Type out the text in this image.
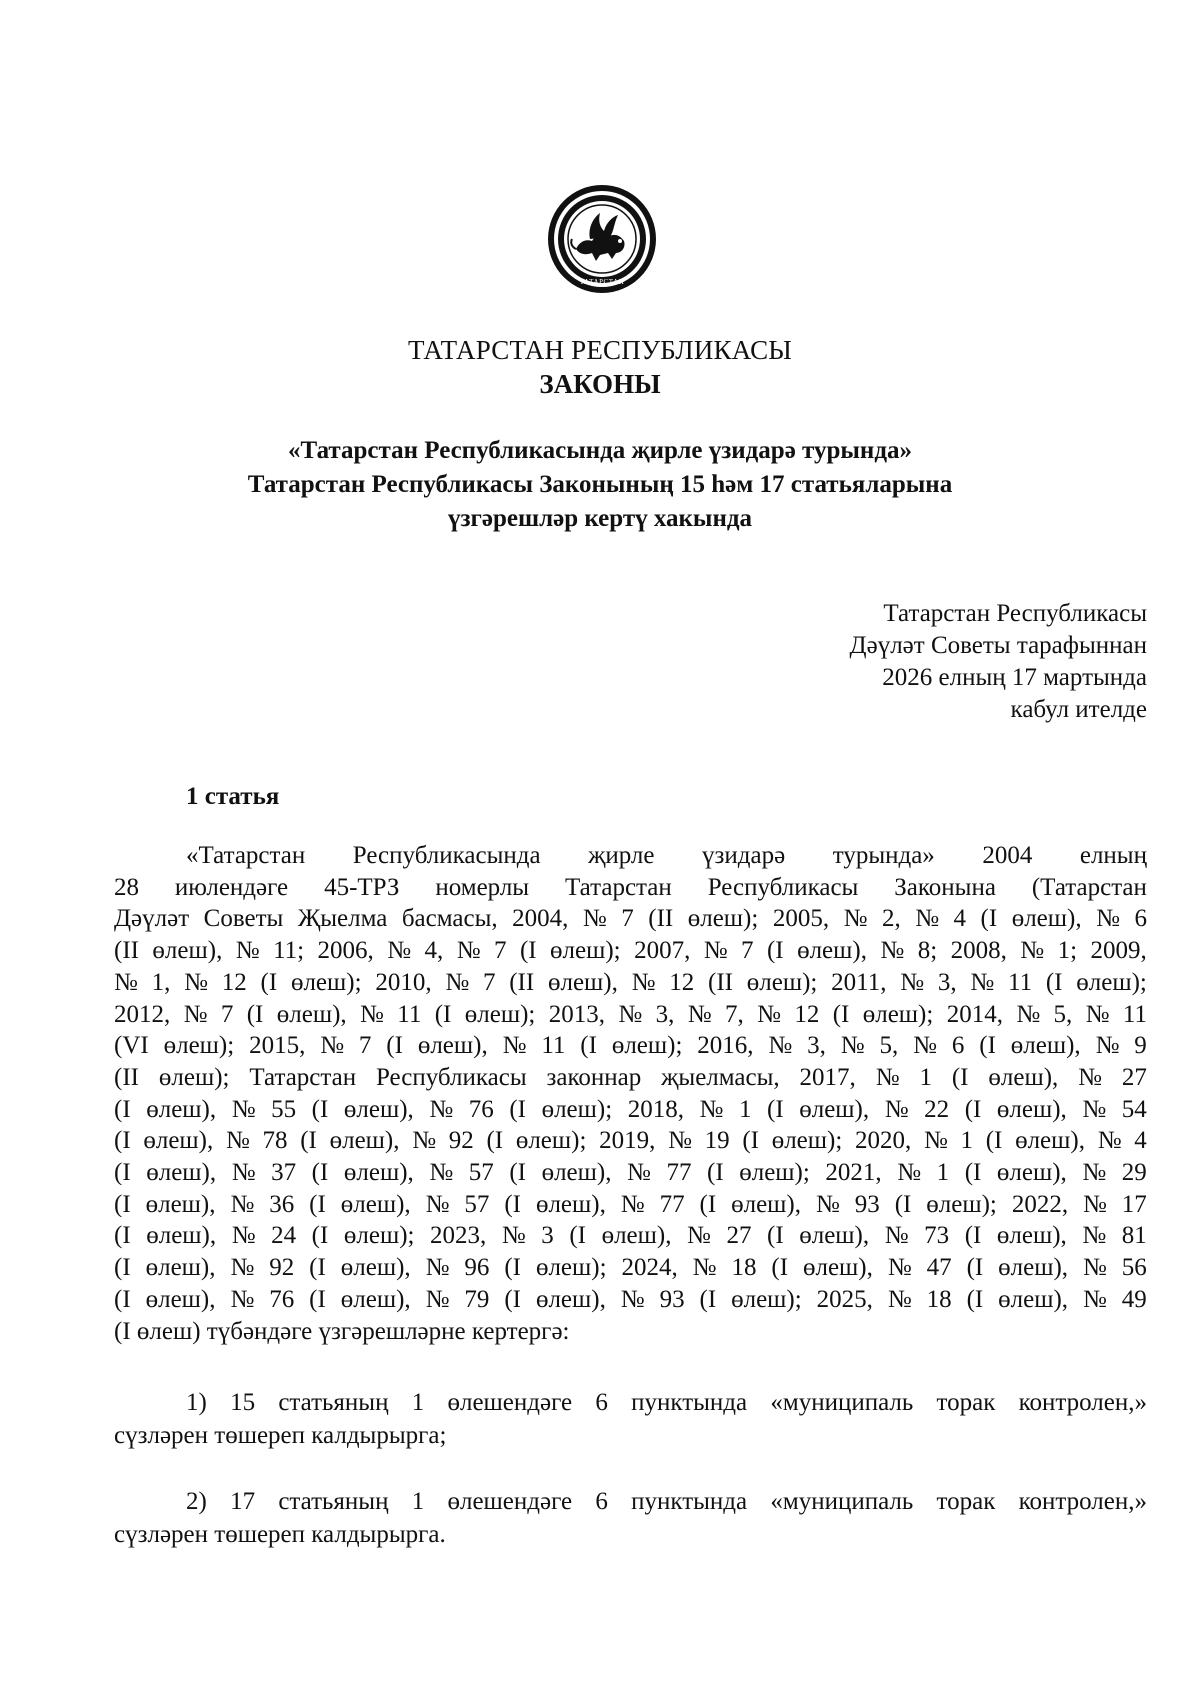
ТАТАРСТАН
ТАТАРСТАН РЕСПУБЛИКАСЫ
ЗАКОНЫ
«Татарстан Республикасында җирле үзидарә турында»
Татарстан Республикасы Законының 15 һәм 17 статьяларына
үзгәрешләр кертү хакында
Татарстан Республикасы
Дәүләт Советы тарафыннан
2026 елның 17 мартында
кабул ителде
1 статья
«Татарстан Республикасында җирле үзидарә турында» 2004 елның
28 июлендәге 45-ТРЗ номерлы Татарстан Республикасы Законына (Татарстан
Дәүләт Советы Җыелма басмасы, 2004, № 7 (II өлеш); 2005, № 2, № 4 (I өлеш), № 6
(II өлеш), № 11; 2006, № 4, № 7 (I өлеш); 2007, № 7 (I өлеш), № 8; 2008, № 1; 2009,
№ 1, № 12 (I өлеш); 2010, № 7 (II өлеш), № 12 (II өлеш); 2011, № 3, № 11 (I өлеш);
2012, № 7 (I өлеш), № 11 (I өлеш); 2013, № 3, № 7, № 12 (I өлеш); 2014, № 5, № 11
(VI өлеш); 2015, № 7 (I өлеш), № 11 (I өлеш); 2016, № 3, № 5, № 6 (I өлеш), № 9
(II өлеш); Татарстан Республикасы законнар җыелмасы, 2017, № 1 (I өлеш), № 27
(I өлеш), № 55 (I өлеш), № 76 (I өлеш); 2018, № 1 (I өлеш), № 22 (I өлеш), № 54
(I өлеш), № 78 (I өлеш), № 92 (I өлеш); 2019, № 19 (I өлеш); 2020, № 1 (I өлеш), № 4
(I өлеш), № 37 (I өлеш), № 57 (I өлеш), № 77 (I өлеш); 2021, № 1 (I өлеш), № 29
(I өлеш), № 36 (I өлеш), № 57 (I өлеш), № 77 (I өлеш), № 93 (I өлеш); 2022, № 17
(I өлеш), № 24 (I өлеш); 2023, № 3 (I өлеш), № 27 (I өлеш), № 73 (I өлеш), № 81
(I өлеш), № 92 (I өлеш), № 96 (I өлеш); 2024, № 18 (I өлеш), № 47 (I өлеш), № 56
(I өлеш), № 76 (I өлеш), № 79 (I өлеш), № 93 (I өлеш); 2025, № 18 (I өлеш), № 49
(I өлеш) түбәндәге үзгәрешләрне кертергә:
1) 15 статьяның 1 өлешендәге 6 пунктында «муниципаль торак контролен,»
сүзләрен төшереп калдырырга;
2) 17 статьяның 1 өлешендәге 6 пунктында «муниципаль торак контролен,»
сүзләрен төшереп калдырырга.
